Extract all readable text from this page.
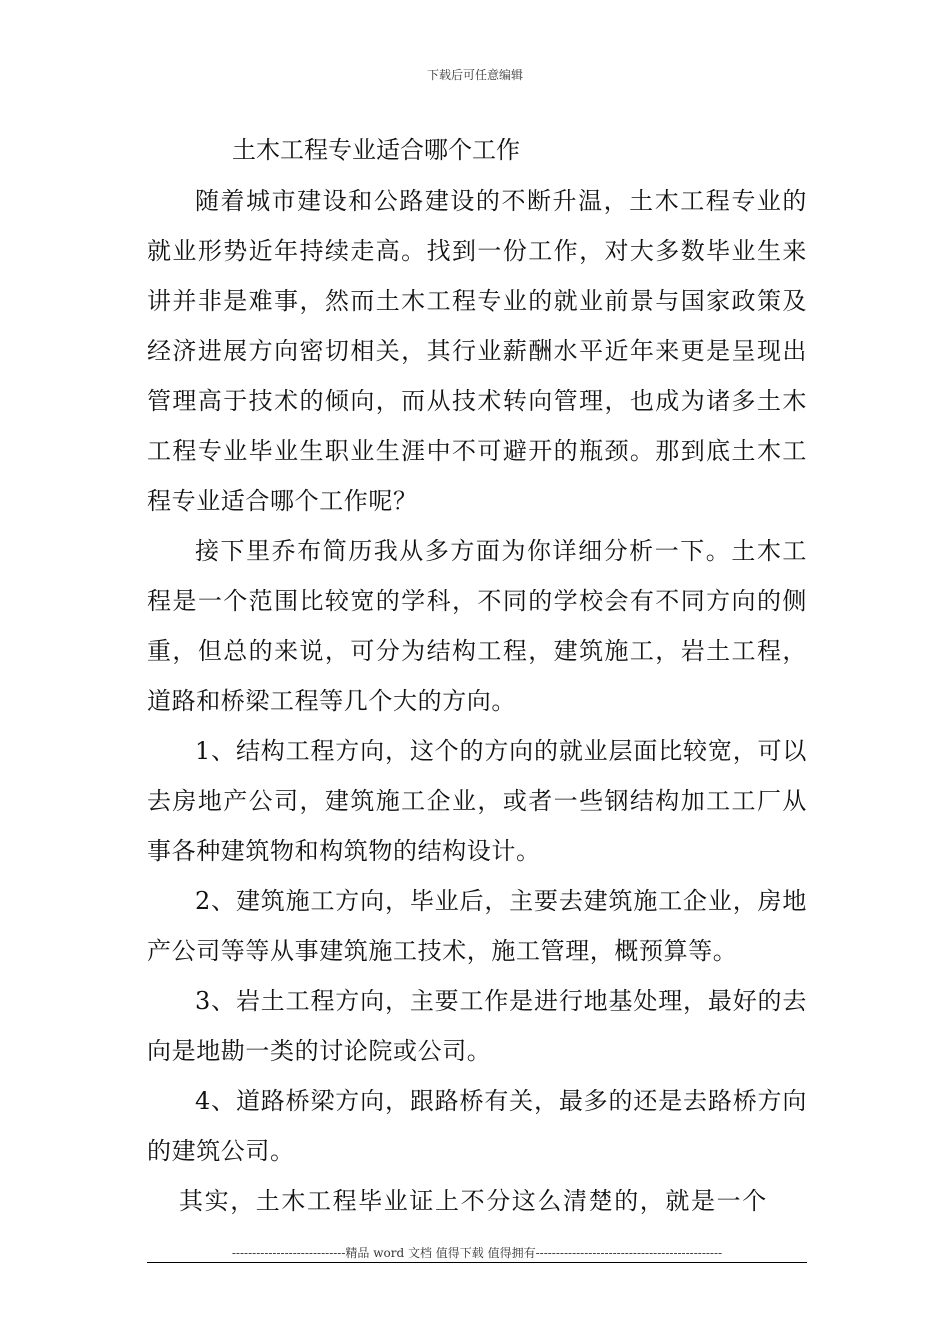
下载后可任意编辑
土木工程专业适合哪个工作

随着城市建设和公路建设的不断升温，土木工程专业的就业形势近年持续走高。找到一份工作，对大多数毕业生来讲并非是难事，然而土木工程专业的就业前景与国家政策及经济进展方向密切相关，其行业薪酬水平近年来更是呈现出管理高于技术的倾向，而从技术转向管理，也成为诸多土木工程专业毕业生职业生涯中不可避开的瓶颈。那到底土木工程专业适合哪个工作呢？

接下里乔布简历我从多方面为你详细分析一下。土木工程是一个范围比较宽的学科，不同的学校会有不同方向的侧重，但总的来说，可分为结构工程，建筑施工，岩土工程，道路和桥梁工程等几个大的方向。

1、结构工程方向，这个的方向的就业层面比较宽，可以去房地产公司，建筑施工企业，或者一些钢结构加工工厂从事各种建筑物和构筑物的结构设计。

2、建筑施工方向，毕业后，主要去建筑施工企业，房地产公司等等从事建筑施工技术，施工管理，概预算等。

3、岩土工程方向，主要工作是进行地基处理，最好的去向是地勘一类的讨论院或公司。

4、道路桥梁方向，跟路桥有关，最多的还是去路桥方向的建筑公司。

其实，土木工程毕业证上不分这么清楚的，就是一个

----------------------------精品 word 文档 值得下载 值得拥有----------------------------------------------
